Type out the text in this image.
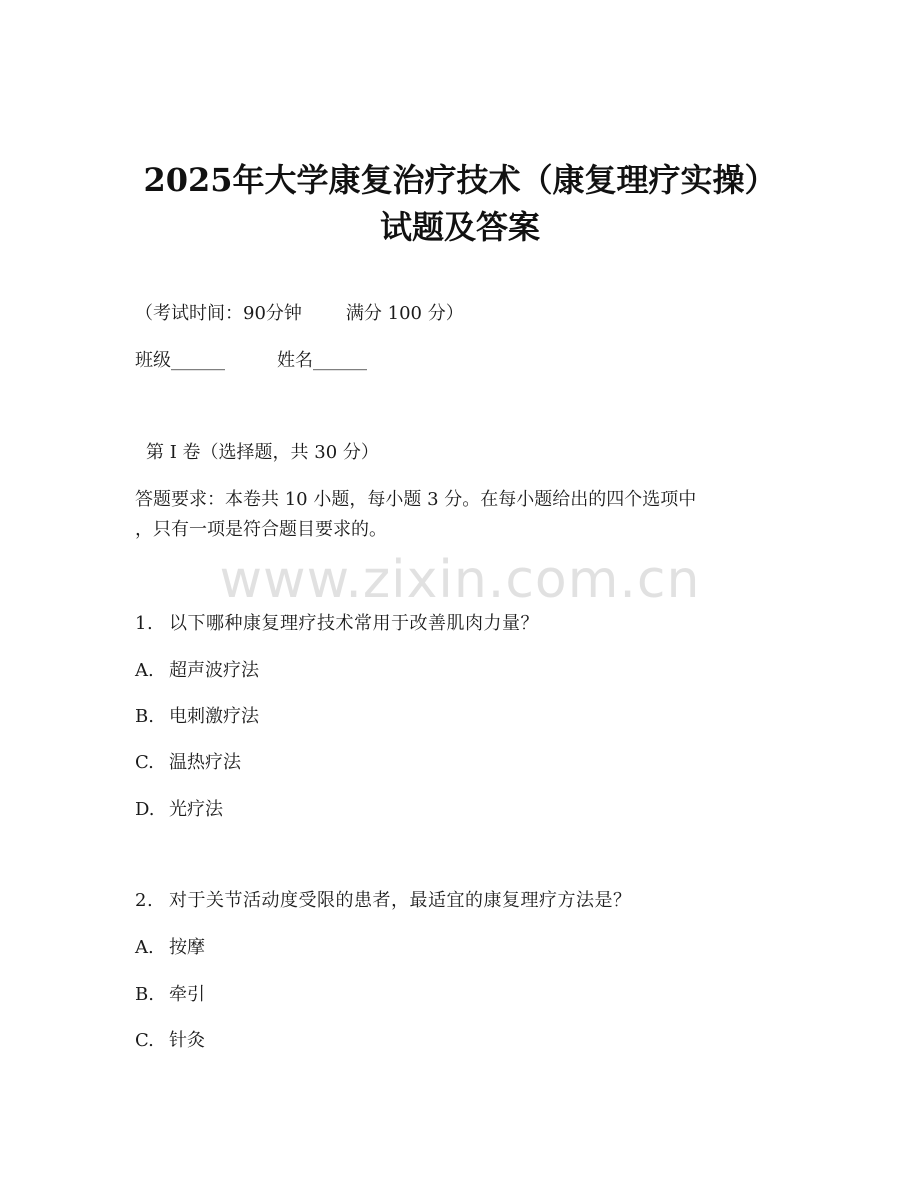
2025年大学康复治疗技术（康复理疗实操）
试题及答案
（考试时间：90分钟 满分 100 分）
班级______	姓名______
第 I 卷（选择题，共 30 分）
答题要求：本卷共 10 小题，每小题 3 分。在每小题给出的四个选项中
，只有一项是符合题目要求的。
www.zixin.com.cn
1. 以下哪种康复理疗技术常用于改善肌肉力量？
A. 超声波疗法
B. 电刺激疗法
C. 温热疗法
D. 光疗法
2. 对于关节活动度受限的患者，最适宜的康复理疗方法是？
A. 按摩
B. 牵引
C. 针灸
